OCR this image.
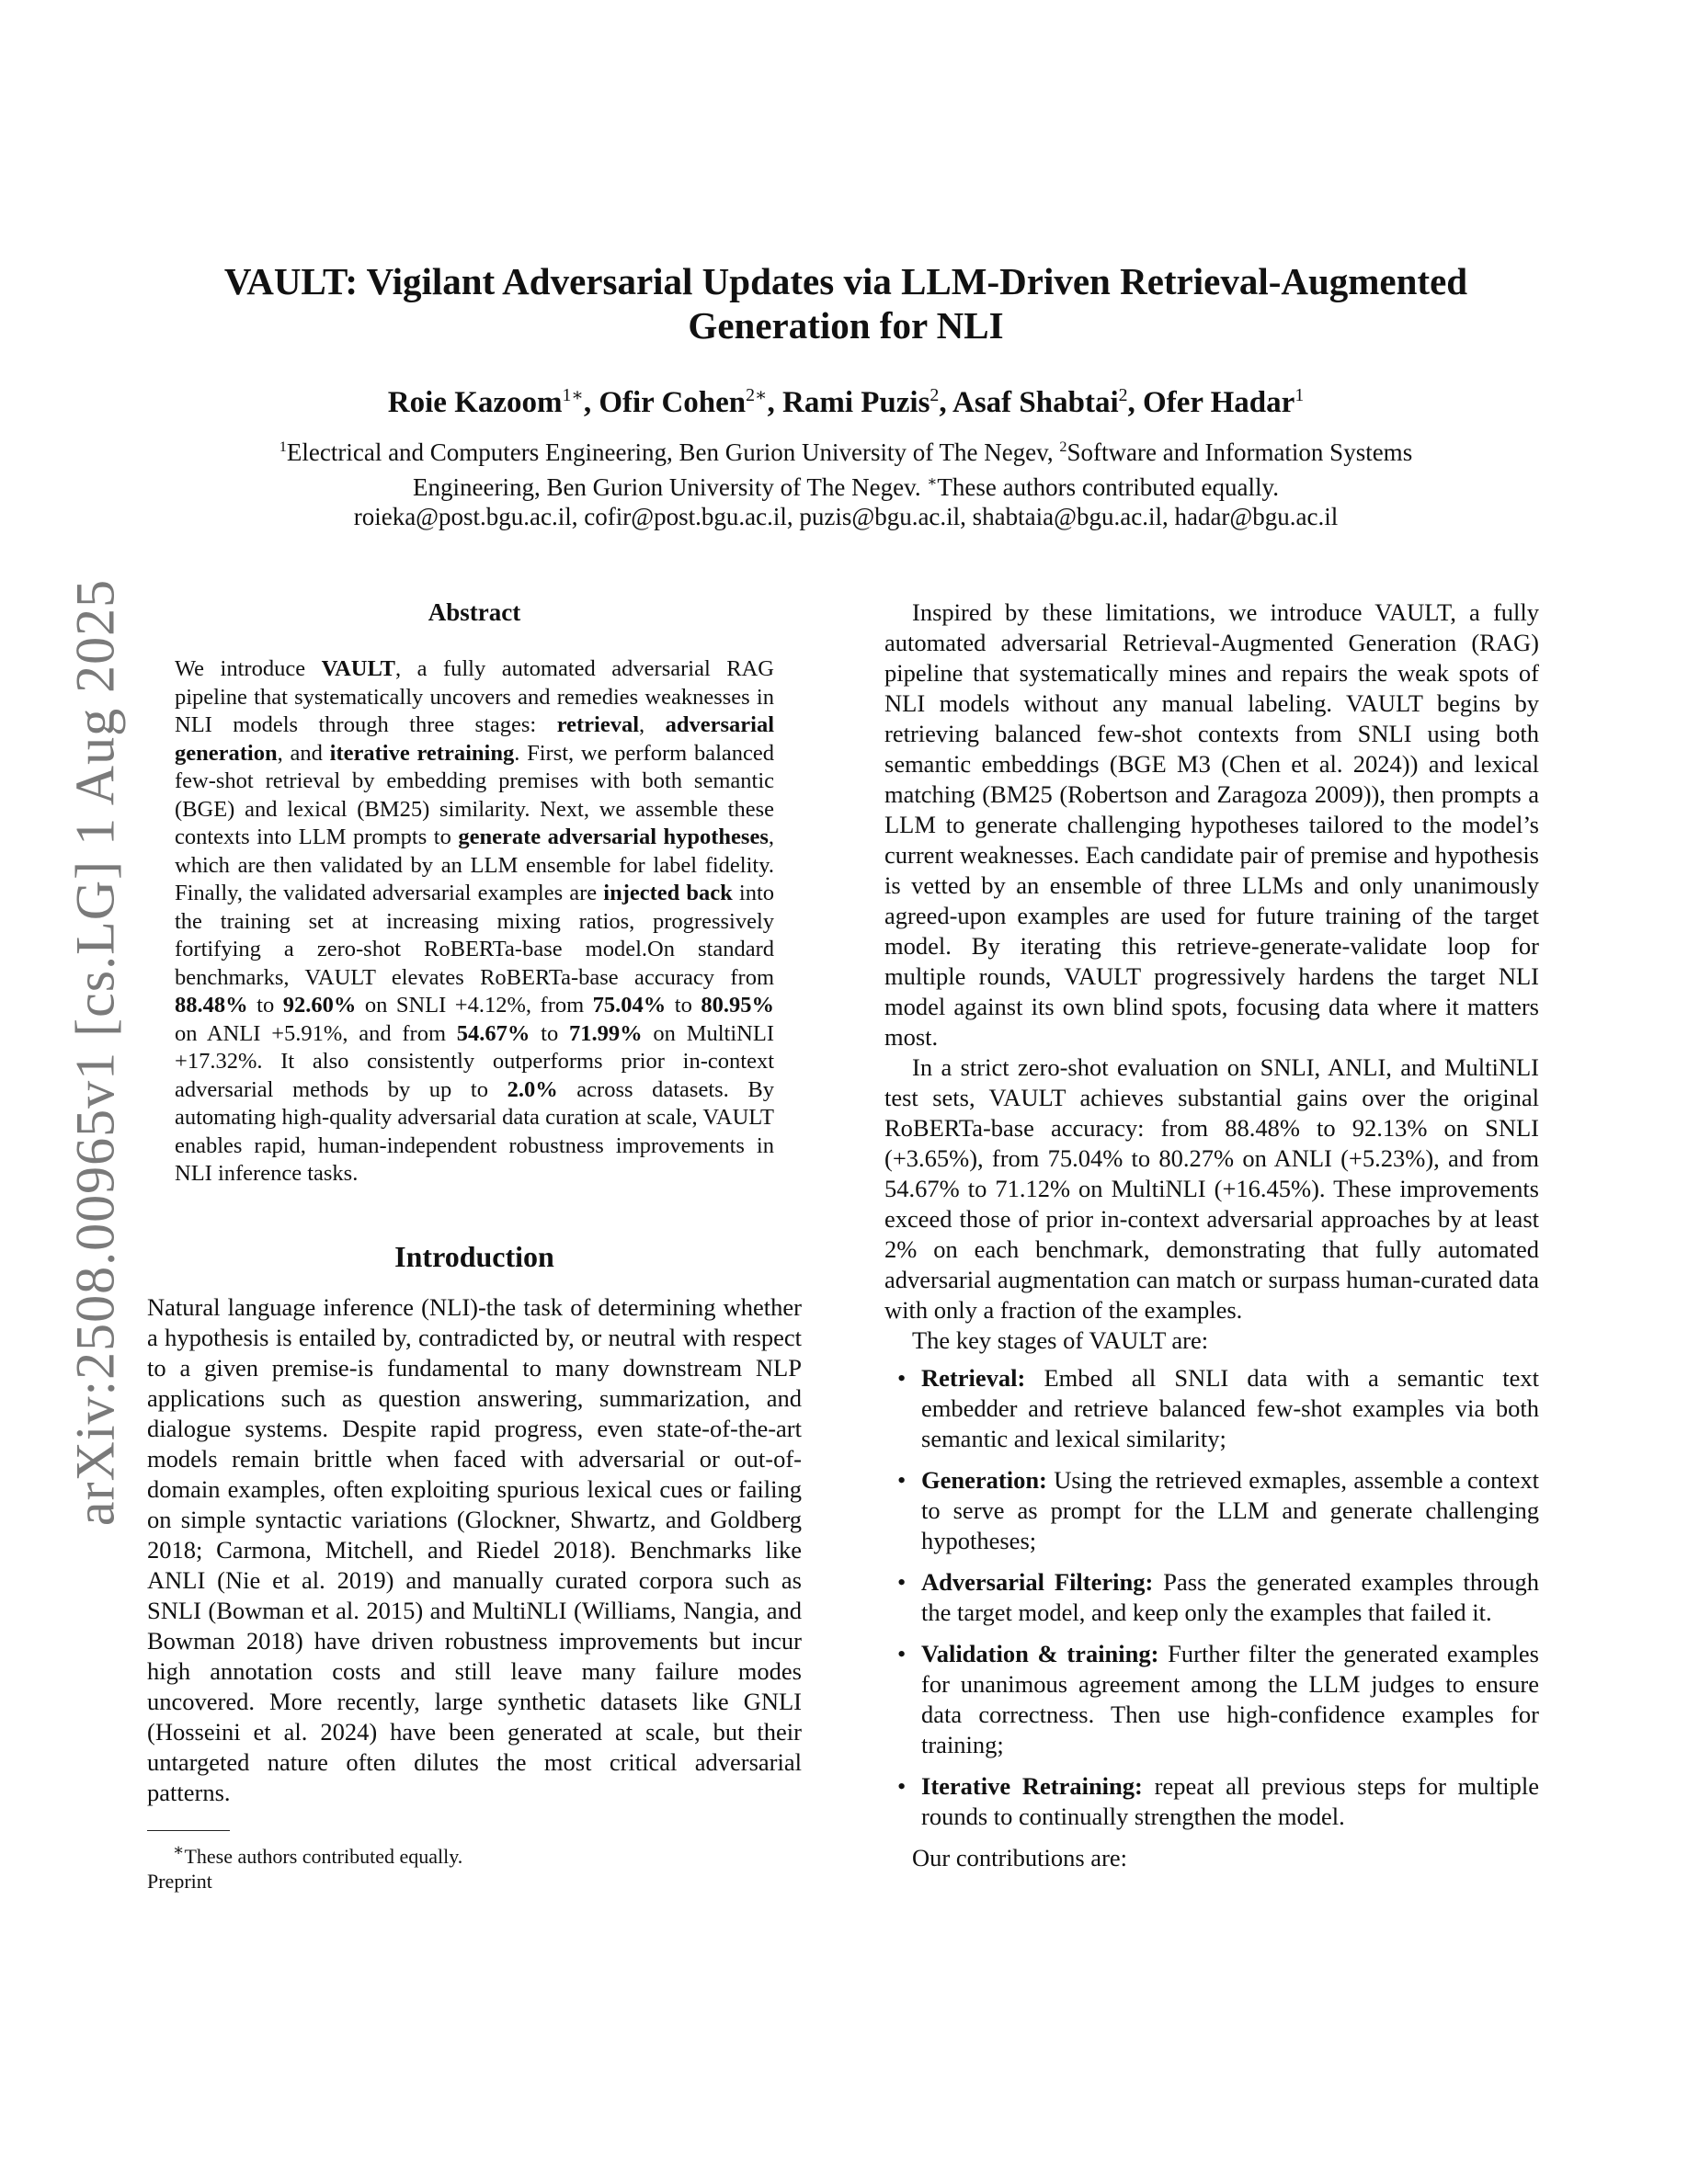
arXiv:2508.00965v1 [cs.LG] 1 Aug 2025
VAULT: Vigilant Adversarial Updates via LLM-Driven Retrieval-Augmented Generation for NLI
Roie Kazoom$^{1∗}$, Ofir Cohen$^{2∗}$, Rami Puzis$^2$, Asaf Shabtai$^2$, Ofer Hadar$^1$
$^1$Electrical and Computers Engineering, Ben Gurion University of The Negev, $^2$Software and Information Systems
Engineering, Ben Gurion University of The Negev. ∗These authors contributed equally.
roieka@post.bgu.ac.il, cofir@post.bgu.ac.il, puzis@bgu.ac.il, shabtaia@bgu.ac.il, hadar@bgu.ac.il
Abstract

We introduce VAULT, a fully automated adversarial RAG pipeline that systematically uncovers and remedies weaknesses in NLI models through three stages: retrieval, adversarial generation, and iterative retraining. First, we perform balanced few-shot retrieval by embedding premises with both semantic (BGE) and lexical (BM25) similarity. Next, we assemble these contexts into LLM prompts to generate adversarial hypotheses, which are then validated by an LLM ensemble for label fidelity. Finally, the validated adversarial examples are injected back into the training set at increasing mixing ratios, progressively fortifying a zero-shot RoBERTa-base model.On standard benchmarks, VAULT elevates RoBERTa-base accuracy from 88.48% to 92.60% on SNLI +4.12%, from 75.04% to 80.95% on ANLI +5.91%, and from 54.67% to 71.99% on MultiNLI +17.32%. It also consistently outperforms prior in-context adversarial methods by up to 2.0% across datasets. By automating high-quality adversarial data curation at scale, VAULT enables rapid, human-independent robustness improvements in NLI inference tasks.

Introduction

Natural language inference (NLI)-the task of determining whether a hypothesis is entailed by, contradicted by, or neutral with respect to a given premise-is fundamental to many downstream NLP applications such as question answering, summarization, and dialogue systems. Despite rapid progress, even state-of-the-art models remain brittle when faced with adversarial or out-of-domain examples, often exploiting spurious lexical cues or failing on simple syntactic variations (Glockner, Shwartz, and Goldberg 2018; Carmona, Mitchell, and Riedel 2018). Benchmarks like ANLI (Nie et al. 2019) and manually curated corpora such as SNLI (Bowman et al. 2015) and MultiNLI (Williams, Nangia, and Bowman 2018) have driven robustness improvements but incur high annotation costs and still leave many failure modes uncovered. More recently, large synthetic datasets like GNLI (Hosseini et al. 2024) have been generated at scale, but their untargeted nature often dilutes the most critical adversarial patterns.

∗These authors contributed equally.

Preprint

Inspired by these limitations, we introduce VAULT, a fully automated adversarial Retrieval-Augmented Generation (RAG) pipeline that systematically mines and repairs the weak spots of NLI models without any manual labeling. VAULT begins by retrieving balanced few-shot contexts from SNLI using both semantic embeddings (BGE M3 (Chen et al. 2024)) and lexical matching (BM25 (Robertson and Zaragoza 2009)), then prompts a LLM to generate challenging hypotheses tailored to the model’s current weaknesses. Each candidate pair of premise and hypothesis is vetted by an ensemble of three LLMs and only unanimously agreed-upon examples are used for future training of the target model. By iterating this retrieve-generate-validate loop for multiple rounds, VAULT progressively hardens the target NLI model against its own blind spots, focusing data where it matters most.

In a strict zero-shot evaluation on SNLI, ANLI, and MultiNLI test sets, VAULT achieves substantial gains over the original RoBERTa-base accuracy: from 88.48% to 92.13% on SNLI (+3.65%), from 75.04% to 80.27% on ANLI (+5.23%), and from 54.67% to 71.12% on MultiNLI (+16.45%). These improvements exceed those of prior in-context adversarial approaches by at least 2% on each benchmark, demonstrating that fully automated adversarial augmentation can match or surpass human-curated data with only a fraction of the examples.

The key stages of VAULT are:

• Retrieval: Embed all SNLI data with a semantic text embedder and retrieve balanced few-shot examples via both semantic and lexical similarity;
• Generation: Using the retrieved exmaples, assemble a context to serve as prompt for the LLM and generate challenging hypotheses;
• Adversarial Filtering: Pass the generated examples through the target model, and keep only the examples that failed it.
• Validation & training: Further filter the generated examples for unanimous agreement among the LLM judges to ensure data correctness. Then use high-confidence examples for training;
• Iterative Retraining: repeat all previous steps for multiple rounds to continually strengthen the model.

Our contributions are:
